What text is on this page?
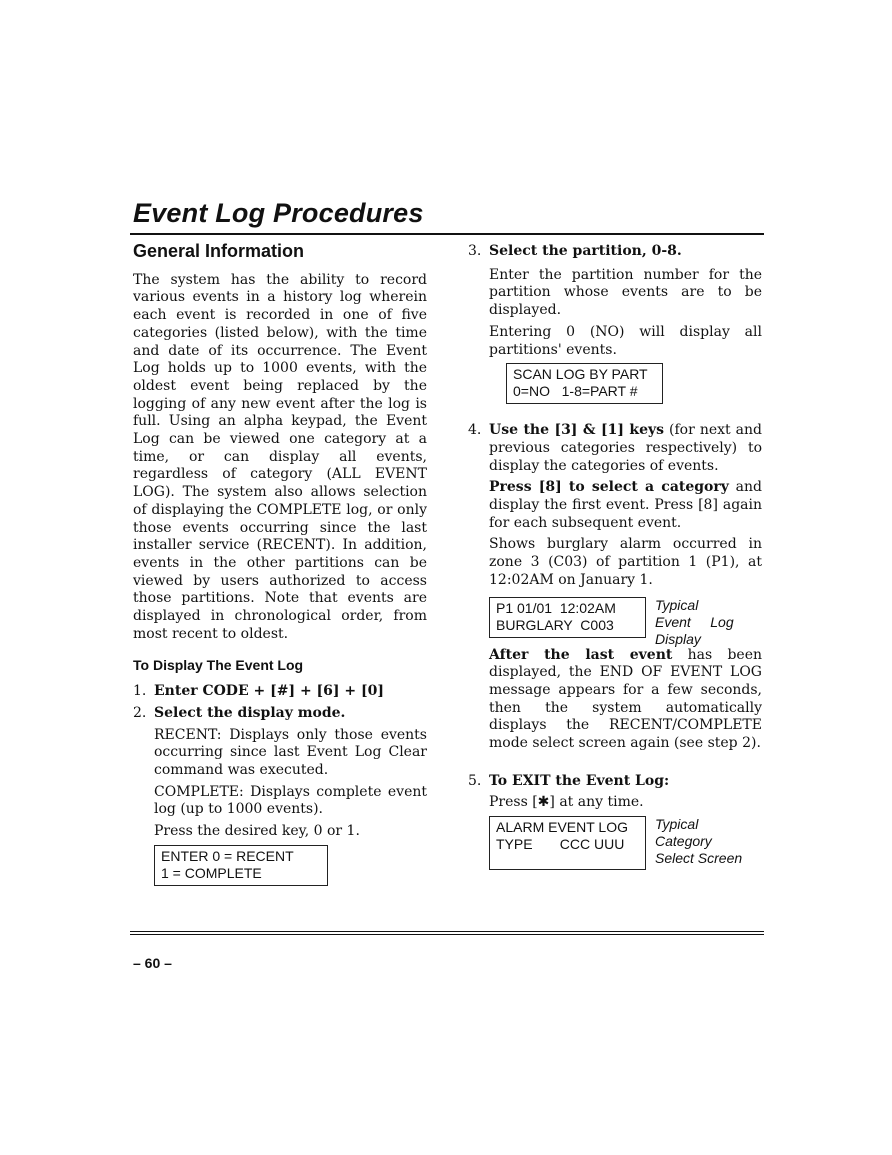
Event Log Procedures
General Information

The system has the ability to record various events in a history log wherein each event is recorded in one of five categories (listed below), with the time and date of its occurrence. The Event Log holds up to 1000 events, with the oldest event being replaced by the logging of any new event after the log is full. Using an alpha keypad, the Event Log can be viewed one category at a time, or can display all events, regardless of category (ALL EVENT LOG). The system also allows selection of displaying the COMPLETE log, or only those events occurring since the last installer service (RECENT). In addition, events in the other partitions can be viewed by users authorized to access those partitions. Note that events are displayed in chronological order, from most recent to oldest.

To Display The Event Log
1. Enter CODE + [#] + [6] + [0]

2. Select the display mode.

RECENT: Displays only those events occurring since last Event Log Clear command was executed.

COMPLETE: Displays complete event log (up to 1000 events).

Press the desired key, 0 or 1.

ENTER 0 = RECENT
1 = COMPLETE
3. Select the partition, 0-8.

Enter the partition number for the partition whose events are to be displayed.

Entering 0 (NO) will display all partitions' events.

SCAN LOG BY PART
0=NO   1-8=PART #
4. Use the [3] & [1] keys (for next and previous categories respectively) to display the categories of events.

Press [8] to select a category and display the first event. Press [8] again for each subsequent event.

Shows burglary alarm occurred in zone 3 (C03) of partition 1 (P1), at 12:02AM on January 1.

P1 01/01  12:02AM
BURGLARY  C003
Typical
Event     Log
Display

After the last event has been displayed, the END OF EVENT LOG message appears for a few seconds, then the system automatically displays the RECENT/COMPLETE mode select screen again (see step 2).

5. To EXIT the Event Log:

Press [✱] at any time.

ALARM EVENT LOG
TYPE       CCC UUU
Typical
Category
Select Screen
– 60 –
